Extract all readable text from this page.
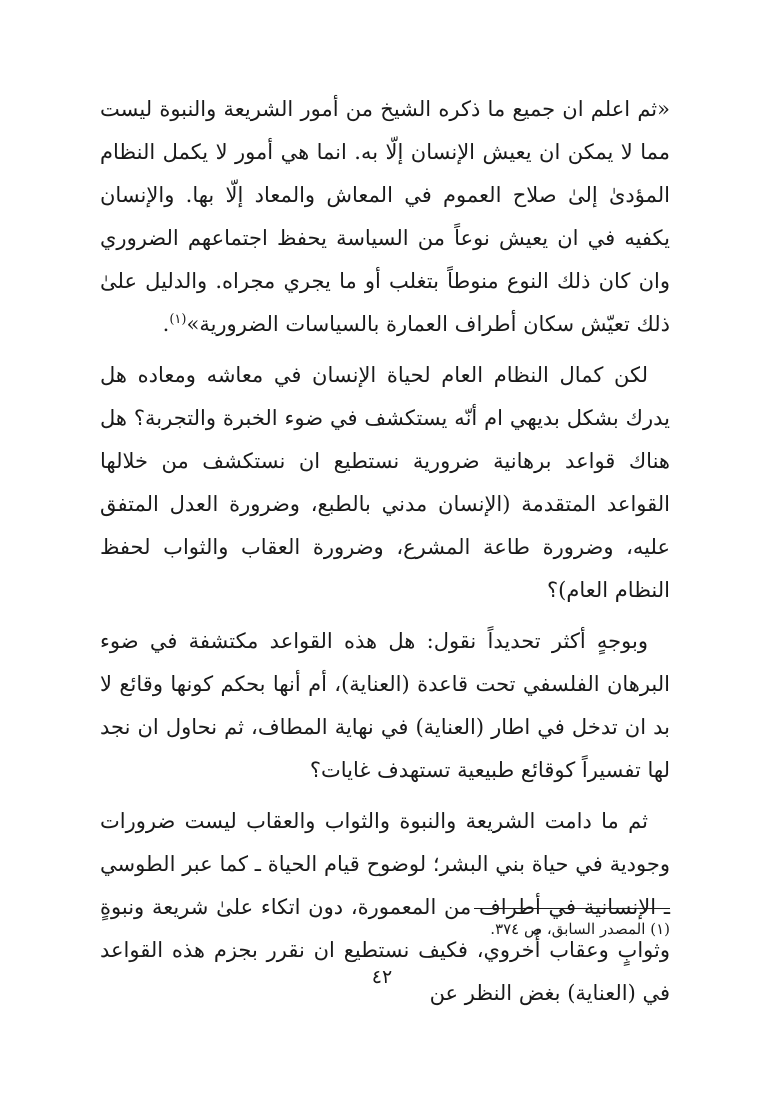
«ثم اعلم ان جميع ما ذكره الشيخ من أمور الشريعة والنبوة ليست مما لا يمكن ان يعيش الإنسان إلّا به. انما هي أمور لا يكمل النظام المؤدىٰ إلىٰ صلاح العموم في المعاش والمعاد إلّا بها. والإنسان يكفيه في ان يعيش نوعاً من السياسة يحفظ اجتماعهم الضروري وان كان ذلك النوع منوطاً بتغلب أو ما يجري مجراه. والدليل علىٰ ذلك تعيّش سكان أطراف العمارة بالسياسات الضرورية»$^{(١)}$.

لكن كمال النظام العام لحياة الإنسان في معاشه ومعاده هل يدرك بشكل بديهي ام أنّه يستكشف في ضوء الخبرة والتجربة؟ هل هناك قواعد برهانية ضرورية نستطيع ان نستكشف من خلالها القواعد المتقدمة (الإنسان مدني بالطبع، وضرورة العدل المتفق عليه، وضرورة طاعة المشرع، وضرورة العقاب والثواب لحفظ النظام العام)؟

وبوجهٍ أكثر تحديداً نقول: هل هذه القواعد مكتشفة في ضوء البرهان الفلسفي تحت قاعدة (العناية)، أم أنها بحكم كونها وقائع لا بد ان تدخل في اطار (العناية) في نهاية المطاف، ثم نحاول ان نجد لها تفسيراً كوقائع طبيعية تستهدف غايات؟

ثم ما دامت الشريعة والنبوة والثواب والعقاب ليست ضرورات وجودية في حياة بني البشر؛ لوضوح قيام الحياة ـ كما عبر الطوسي ـ الإنسانية في أطراف من المعمورة، دون اتكاء علىٰ شريعة ونبوةٍ وثوابٍ وعقاب أُخروي، فكيف نستطيع ان نقرر بجزم هذه القواعد في (العناية) بغض النظر عن

(١) المصدر السابق، ص ٣٧٤.
٤٢
